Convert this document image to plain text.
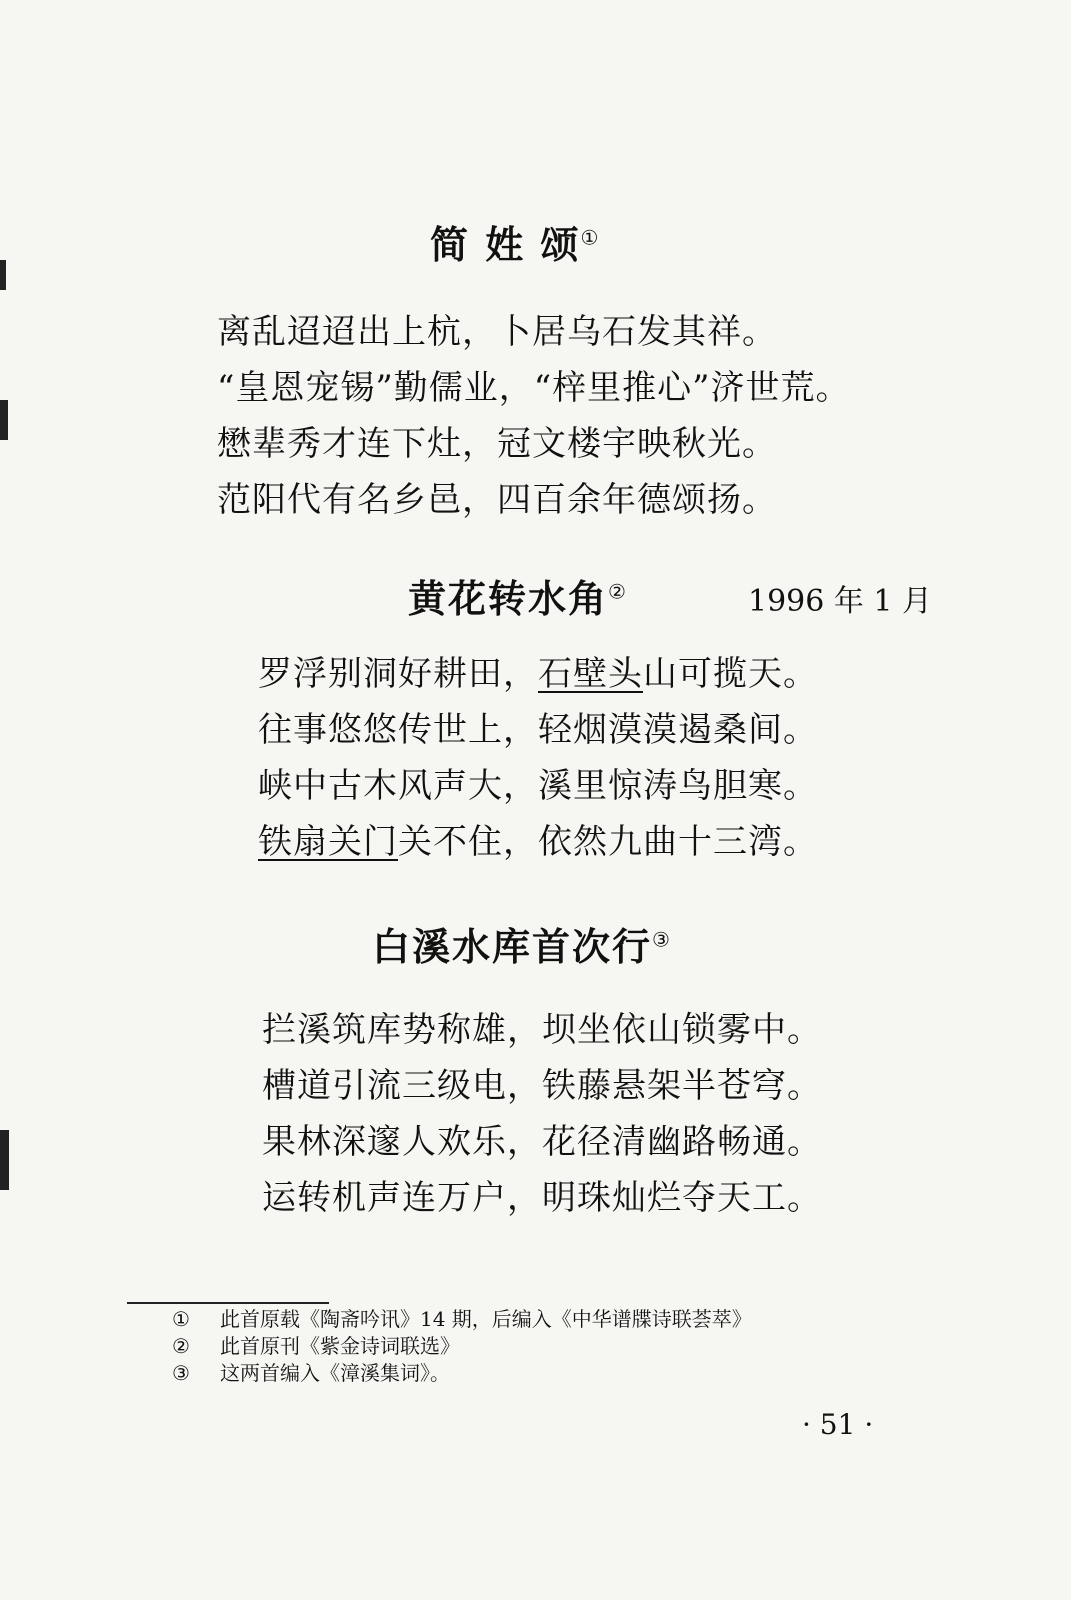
简 姓 颂①
离乱迢迢出上杭，卜居乌石发其祥。
“皇恩宠锡”勤儒业，“梓里推心”济世荒。
懋辈秀才连下灶，冠文楼宇映秋光。
范阳代有名乡邑，四百余年德颂扬。
黄花转水角②	1996 年 1 月
罗浮别洞好耕田，石壁头山可揽天。
往事悠悠传世上，轻烟漠漠遏桑间。
峡中古木风声大，溪里惊涛鸟胆寒。
铁扇关门关不住，依然九曲十三湾。
白溪水库首次行③
拦溪筑库势称雄，坝坐依山锁雾中。
槽道引流三级电，铁藤悬架半苍穹。
果林深邃人欢乐，花径清幽路畅通。
运转机声连万户，明珠灿烂夺天工。
① 此首原载《陶斋吟讯》14 期，后编入《中华谱牒诗联荟萃》
② 此首原刊《紫金诗词联选》
③ 这两首编入《漳溪集词》。
· 51 ·
